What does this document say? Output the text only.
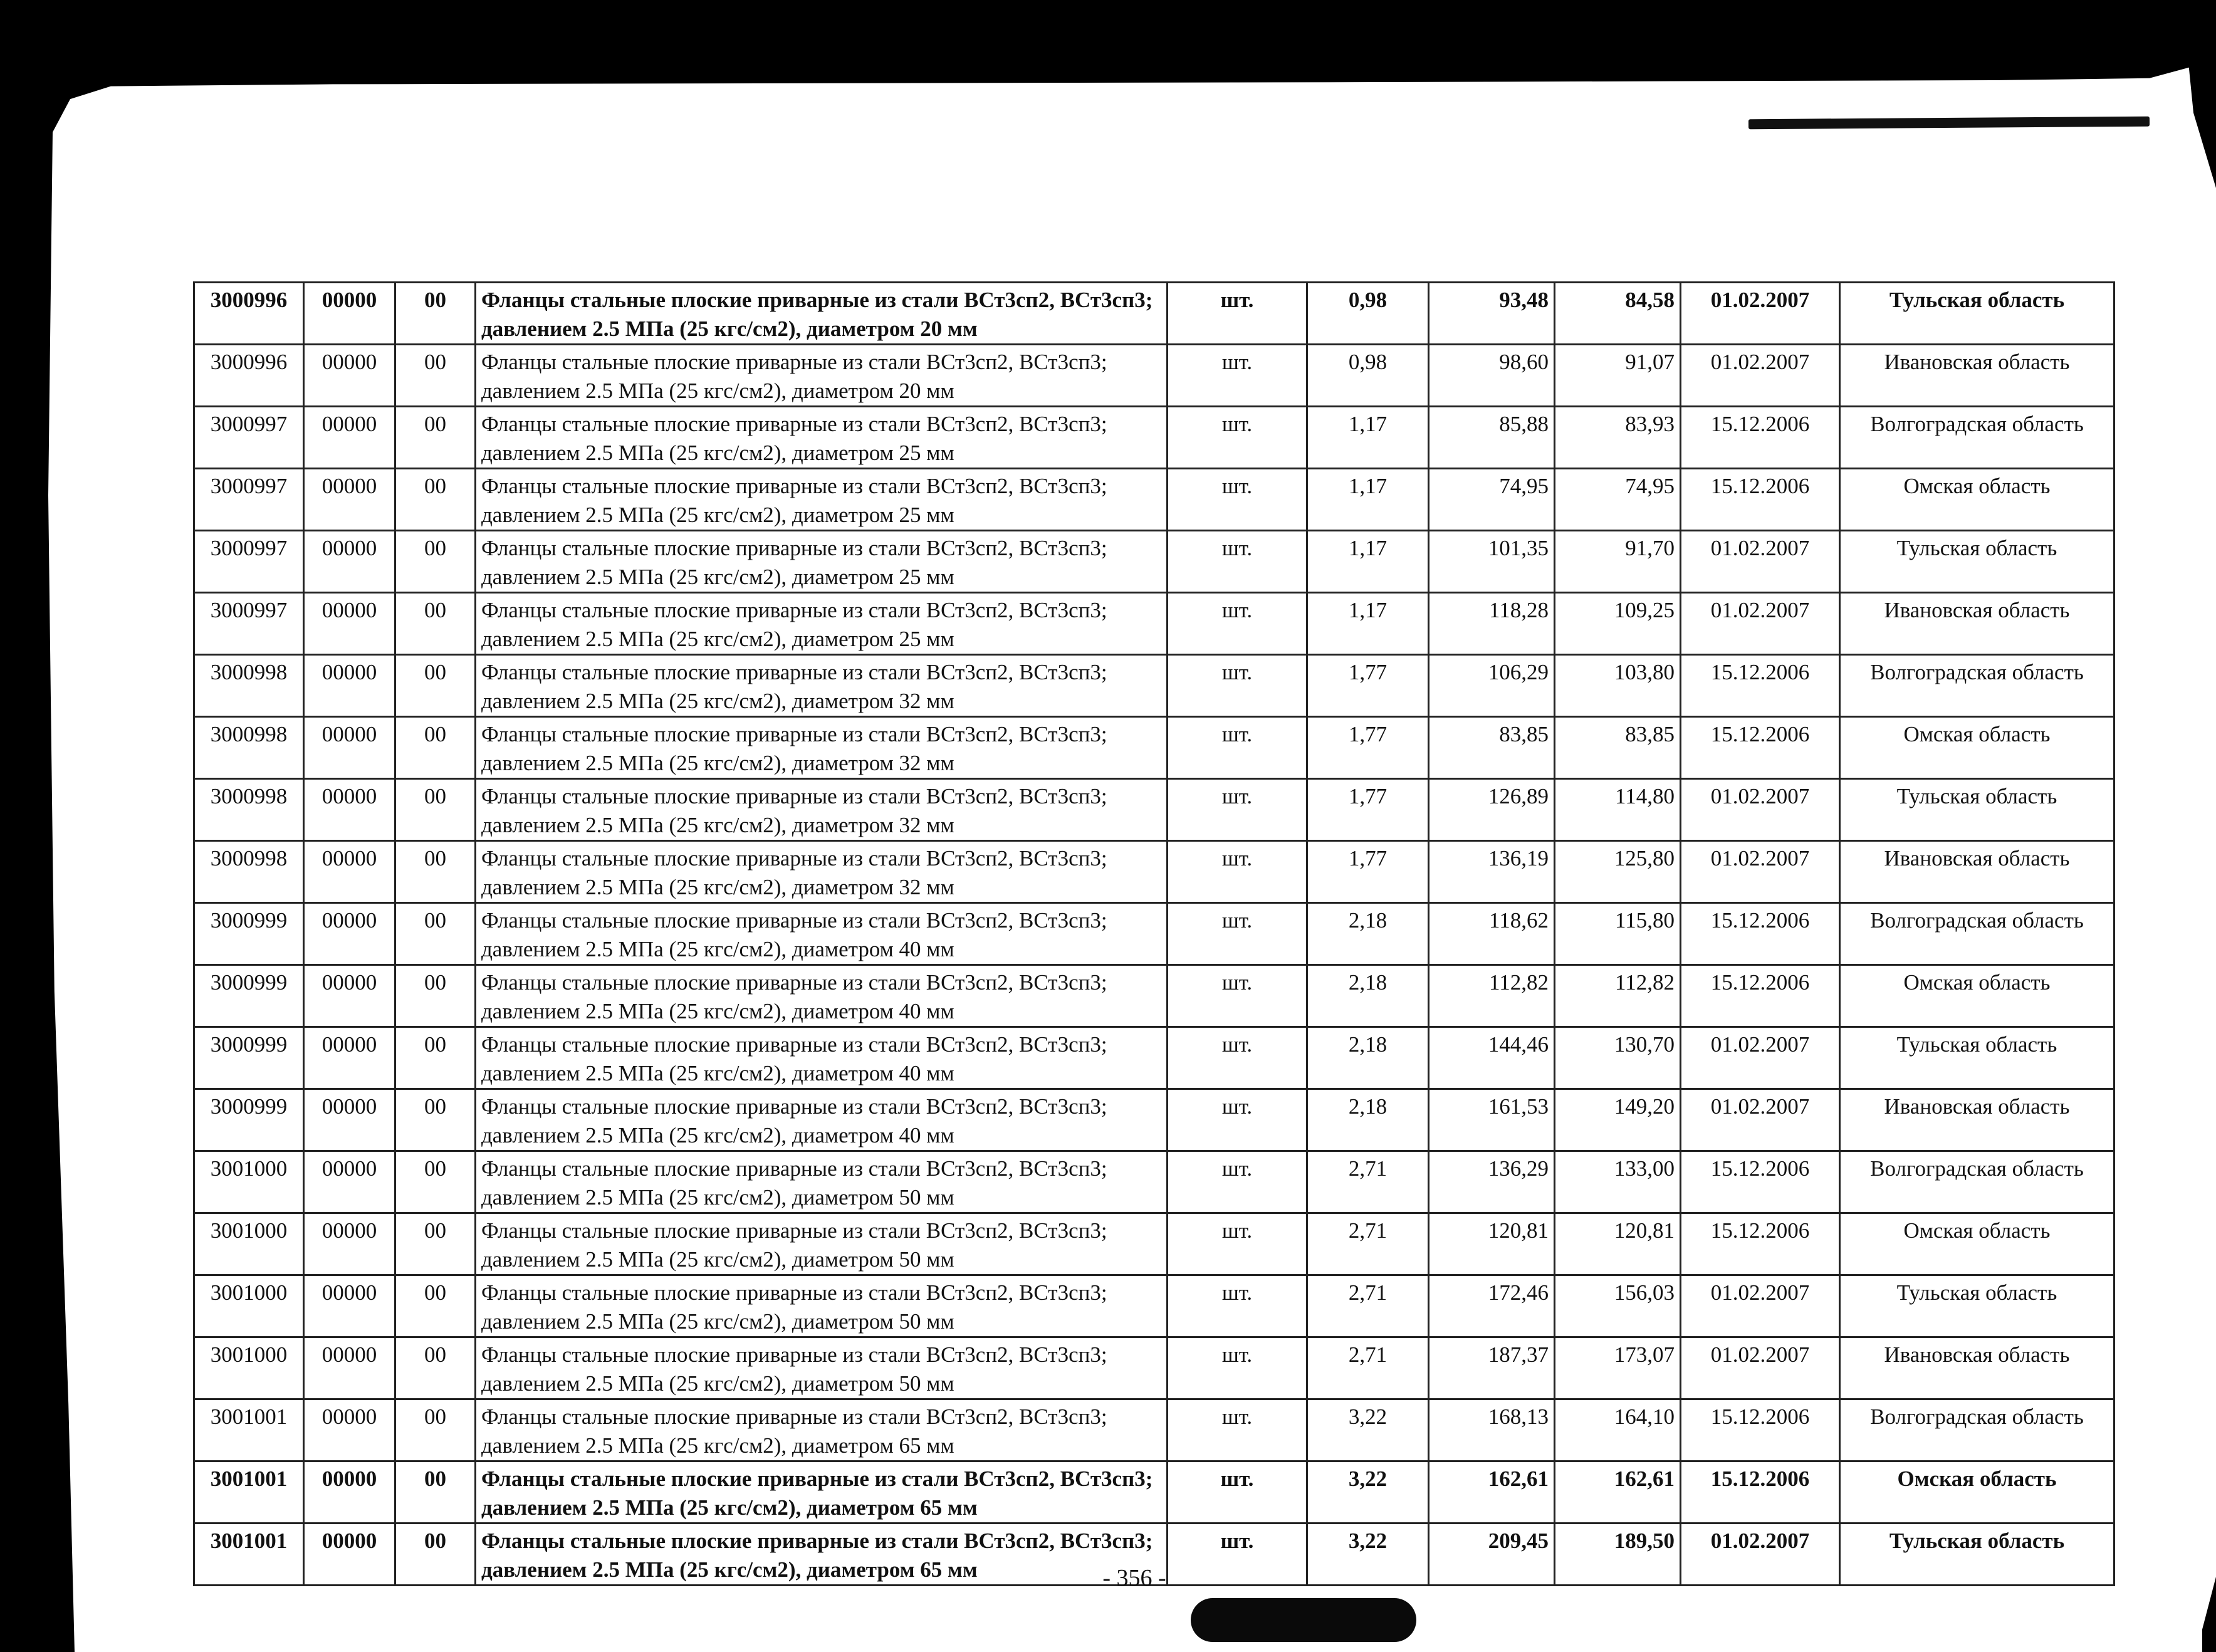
3000996	00000	00	Фланцы стальные плоские приварные из стали ВСт3сп2, ВСт3сп3; давлением 2.5 МПа (25 кгс/см2), диаметром 20 мм	шт.	0,98	93,48	84,58	01.02.2007	Тульская область
3000996	00000	00	Фланцы стальные плоские приварные из стали ВСт3сп2, ВСт3сп3; давлением 2.5 МПа (25 кгс/см2), диаметром 20 мм	шт.	0,98	98,60	91,07	01.02.2007	Ивановская область
3000997	00000	00	Фланцы стальные плоские приварные из стали ВСт3сп2, ВСт3сп3; давлением 2.5 МПа (25 кгс/см2), диаметром 25 мм	шт.	1,17	85,88	83,93	15.12.2006	Волгоградская область
3000997	00000	00	Фланцы стальные плоские приварные из стали ВСт3сп2, ВСт3сп3; давлением 2.5 МПа (25 кгс/см2), диаметром 25 мм	шт.	1,17	74,95	74,95	15.12.2006	Омская область
3000997	00000	00	Фланцы стальные плоские приварные из стали ВСт3сп2, ВСт3сп3; давлением 2.5 МПа (25 кгс/см2), диаметром 25 мм	шт.	1,17	101,35	91,70	01.02.2007	Тульская область
3000997	00000	00	Фланцы стальные плоские приварные из стали ВСт3сп2, ВСт3сп3; давлением 2.5 МПа (25 кгс/см2), диаметром 25 мм	шт.	1,17	118,28	109,25	01.02.2007	Ивановская область
3000998	00000	00	Фланцы стальные плоские приварные из стали ВСт3сп2, ВСт3сп3; давлением 2.5 МПа (25 кгс/см2), диаметром 32 мм	шт.	1,77	106,29	103,80	15.12.2006	Волгоградская область
3000998	00000	00	Фланцы стальные плоские приварные из стали ВСт3сп2, ВСт3сп3; давлением 2.5 МПа (25 кгс/см2), диаметром 32 мм	шт.	1,77	83,85	83,85	15.12.2006	Омская область
3000998	00000	00	Фланцы стальные плоские приварные из стали ВСт3сп2, ВСт3сп3; давлением 2.5 МПа (25 кгс/см2), диаметром 32 мм	шт.	1,77	126,89	114,80	01.02.2007	Тульская область
3000998	00000	00	Фланцы стальные плоские приварные из стали ВСт3сп2, ВСт3сп3; давлением 2.5 МПа (25 кгс/см2), диаметром 32 мм	шт.	1,77	136,19	125,80	01.02.2007	Ивановская область
3000999	00000	00	Фланцы стальные плоские приварные из стали ВСт3сп2, ВСт3сп3; давлением 2.5 МПа (25 кгс/см2), диаметром 40 мм	шт.	2,18	118,62	115,80	15.12.2006	Волгоградская область
3000999	00000	00	Фланцы стальные плоские приварные из стали ВСт3сп2, ВСт3сп3; давлением 2.5 МПа (25 кгс/см2), диаметром 40 мм	шт.	2,18	112,82	112,82	15.12.2006	Омская область
3000999	00000	00	Фланцы стальные плоские приварные из стали ВСт3сп2, ВСт3сп3; давлением 2.5 МПа (25 кгс/см2), диаметром 40 мм	шт.	2,18	144,46	130,70	01.02.2007	Тульская область
3000999	00000	00	Фланцы стальные плоские приварные из стали ВСт3сп2, ВСт3сп3; давлением 2.5 МПа (25 кгс/см2), диаметром 40 мм	шт.	2,18	161,53	149,20	01.02.2007	Ивановская область
3001000	00000	00	Фланцы стальные плоские приварные из стали ВСт3сп2, ВСт3сп3; давлением 2.5 МПа (25 кгс/см2), диаметром 50 мм	шт.	2,71	136,29	133,00	15.12.2006	Волгоградская область
3001000	00000	00	Фланцы стальные плоские приварные из стали ВСт3сп2, ВСт3сп3; давлением 2.5 МПа (25 кгс/см2), диаметром 50 мм	шт.	2,71	120,81	120,81	15.12.2006	Омская область
3001000	00000	00	Фланцы стальные плоские приварные из стали ВСт3сп2, ВСт3сп3; давлением 2.5 МПа (25 кгс/см2), диаметром 50 мм	шт.	2,71	172,46	156,03	01.02.2007	Тульская область
3001000	00000	00	Фланцы стальные плоские приварные из стали ВСт3сп2, ВСт3сп3; давлением 2.5 МПа (25 кгс/см2), диаметром 50 мм	шт.	2,71	187,37	173,07	01.02.2007	Ивановская область
3001001	00000	00	Фланцы стальные плоские приварные из стали ВСт3сп2, ВСт3сп3; давлением 2.5 МПа (25 кгс/см2), диаметром 65 мм	шт.	3,22	168,13	164,10	15.12.2006	Волгоградская область
3001001	00000	00	Фланцы стальные плоские приварные из стали ВСт3сп2, ВСт3сп3; давлением 2.5 МПа (25 кгс/см2), диаметром 65 мм	шт.	3,22	162,61	162,61	15.12.2006	Омская область
3001001	00000	00	Фланцы стальные плоские приварные из стали ВСт3сп2, ВСт3сп3; давлением 2.5 МПа (25 кгс/см2), диаметром 65 мм	шт.	3,22	209,45	189,50	01.02.2007	Тульская область
- 356 -
